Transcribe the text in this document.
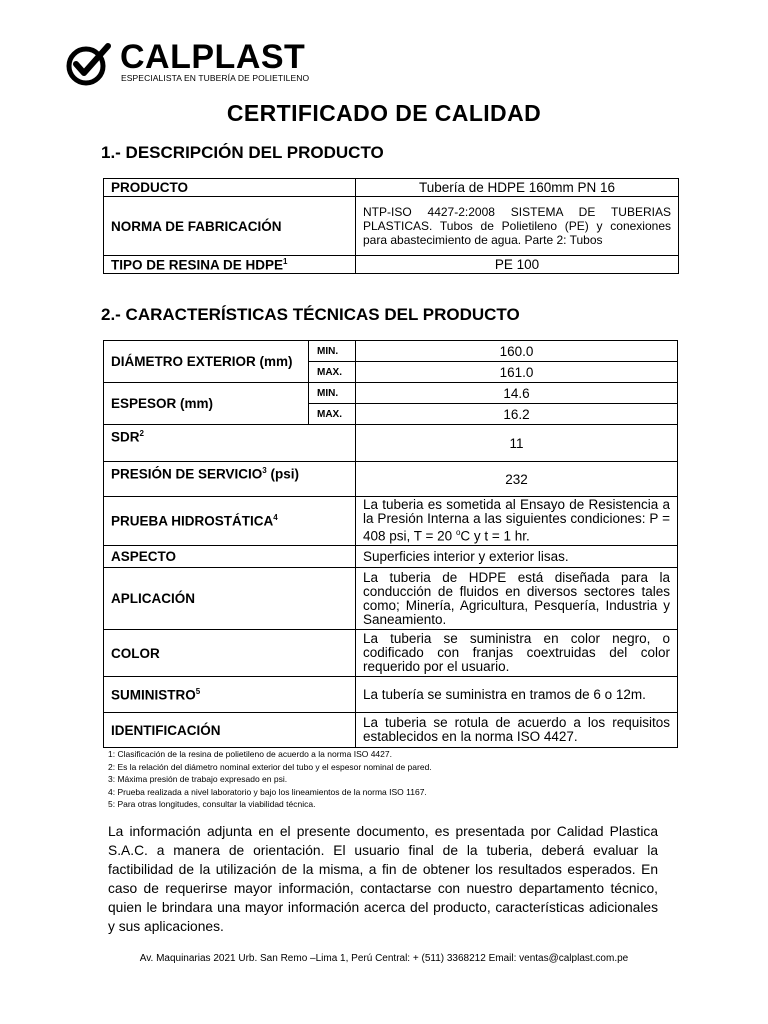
CALPLAST
ESPECIALISTA EN TUBERÍA DE POLIETILENO
CERTIFICADO DE CALIDAD
1.- DESCRIPCIÓN DEL PRODUCTO
PRODUCTO	Tubería de HDPE 160mm PN 16
NORMA DE FABRICACIÓN	NTP-ISO 4427-2:2008 SISTEMA DE TUBERIAS PLASTICAS. Tubos de Polietileno (PE) y conexiones para abastecimiento de agua. Parte 2: Tubos
TIPO DE RESINA DE HDPE$^1$	PE 100
2.- CARACTERÍSTICAS TÉCNICAS DEL PRODUCTO
DIÁMETRO EXTERIOR (mm)	MIN.	160.0
	MAX.	161.0
ESPESOR (mm)	MIN.	14.6
	MAX.	16.2
SDR$^2$		11
PRESIÓN DE SERVICIO$^3$ (psi)		232
PRUEBA HIDROSTÁTICA$^4$		La tuberia es sometida al Ensayo de Resistencia a la Presión Interna a las siguientes condiciones: P = 408 psi, T = 20 $^o$C y t = 1 hr.
ASPECTO		Superficies interior y exterior lisas.
APLICACIÓN		La tuberia de HDPE está diseñada para la conducción de fluidos en diversos sectores tales como; Minería, Agricultura, Pesquería, Industria y Saneamiento.
COLOR		La tuberia se suministra en color negro, o codificado con franjas coextruidas del color requerido por el usuario.
SUMINISTRO$^5$		La tubería se suministra en tramos de 6 o 12m.
IDENTIFICACIÓN		La tuberia se rotula de acuerdo a los requisitos establecidos en la norma ISO 4427.
1: Clasificación de la resina de polietileno de acuerdo a la norma ISO 4427.
2: Es la relación del diámetro nominal exterior del tubo y el espesor nominal de pared.
3: Máxima presión de trabajo expresado en psi.
4: Prueba realizada a nivel laboratorio y bajo los lineamientos de la norma ISO 1167.
5: Para otras longitudes, consultar la viabilidad técnica.
La información adjunta en el presente documento, es presentada por Calidad Plastica S.A.C. a manera de orientación. El usuario final de la tuberia, deberá evaluar la factibilidad de la utilización de la misma, a fin de obtener los resultados esperados. En caso de requerirse mayor información, contactarse con nuestro departamento técnico, quien le brindara una mayor información acerca del producto, características adicionales y sus aplicaciones.
Av. Maquinarias 2021 Urb. San Remo –Lima 1, Perú Central: + (511) 3368212 Email: ventas@calplast.com.pe
